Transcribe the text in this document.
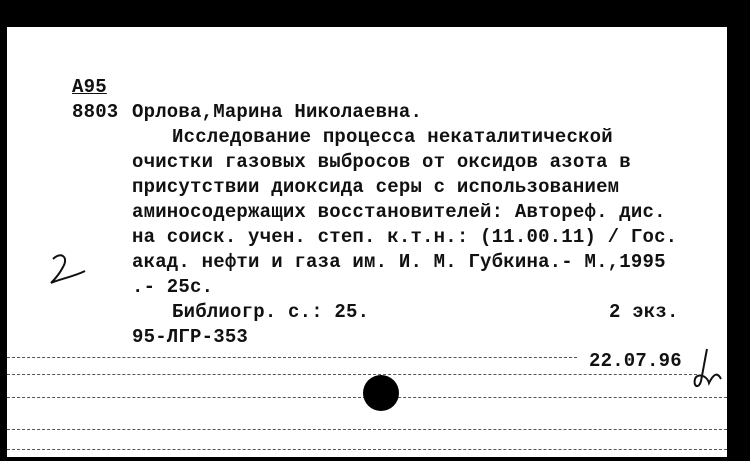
А95
8803 Орлова,Марина Николаевна.
Исследование процесса некаталитической
очистки газовых выбросов от оксидов азота в
присутствии диоксида серы с использованием
аминосодержащих восстановителей: Автореф. дис.
на соиск. учен. степ. к.т.н.: (11.00.11) / Гос.
акад. нефти и газа им. И. М. Губкина.- М.,1995
.- 25с.
Библиогр. с.: 25.	2 экз.
95-ЛГР-353
22.07.96
